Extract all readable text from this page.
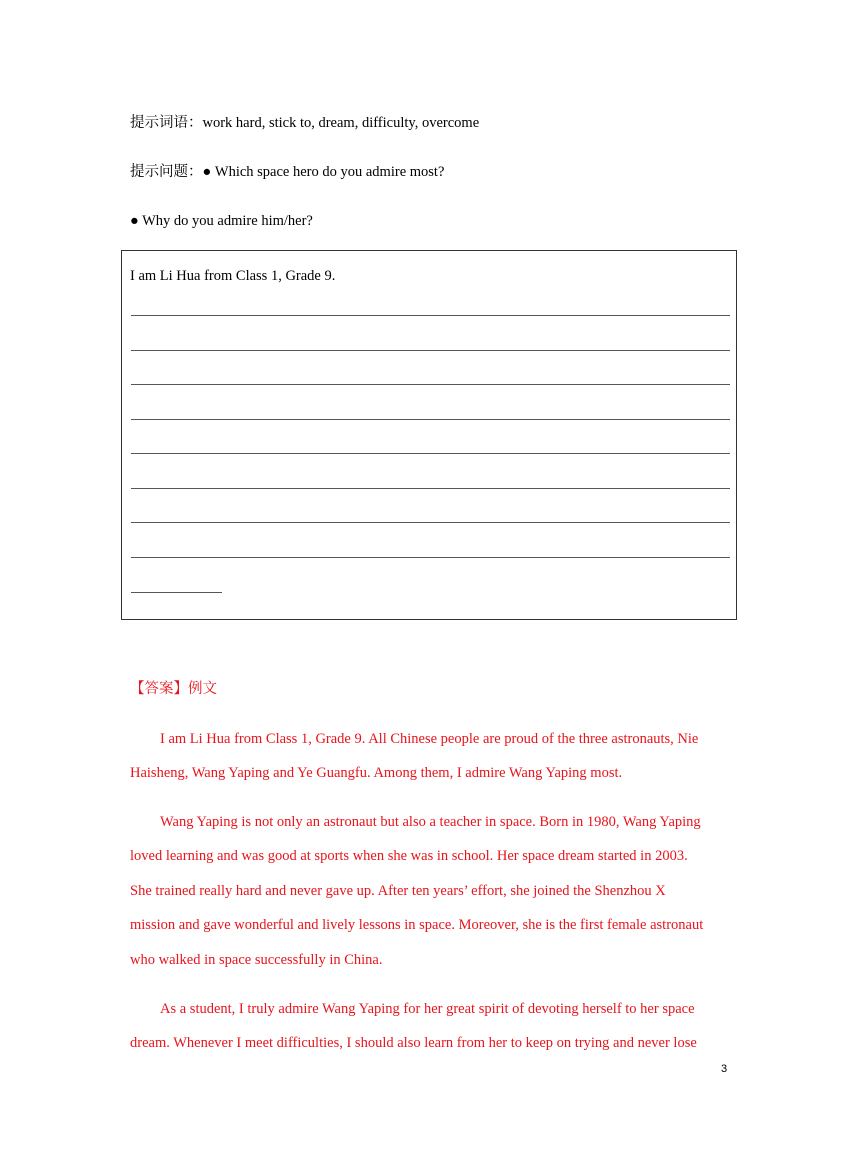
提示词语：work hard, stick to, dream, difficulty, overcome
提示问题：● Which space hero do you admire most?
● Why do you admire him/her?
I am Li Hua from Class 1, Grade 9.
【答案】例文
I am Li Hua from Class 1, Grade 9. All Chinese people are proud of the three astronauts, Nie
Haisheng, Wang Yaping and Ye Guangfu. Among them, I admire Wang Yaping most.
Wang Yaping is not only an astronaut but also a teacher in space. Born in 1980, Wang Yaping
loved learning and was good at sports when she was in school. Her space dream started in 2003.
She trained really hard and never gave up. After ten years’ effort, she joined the Shenzhou X
mission and gave wonderful and lively lessons in space. Moreover, she is the first female astronaut
who walked in space successfully in China.
As a student, I truly admire Wang Yaping for her great spirit of devoting herself to her space
dream. Whenever I meet difficulties, I should also learn from her to keep on trying and never lose
3
